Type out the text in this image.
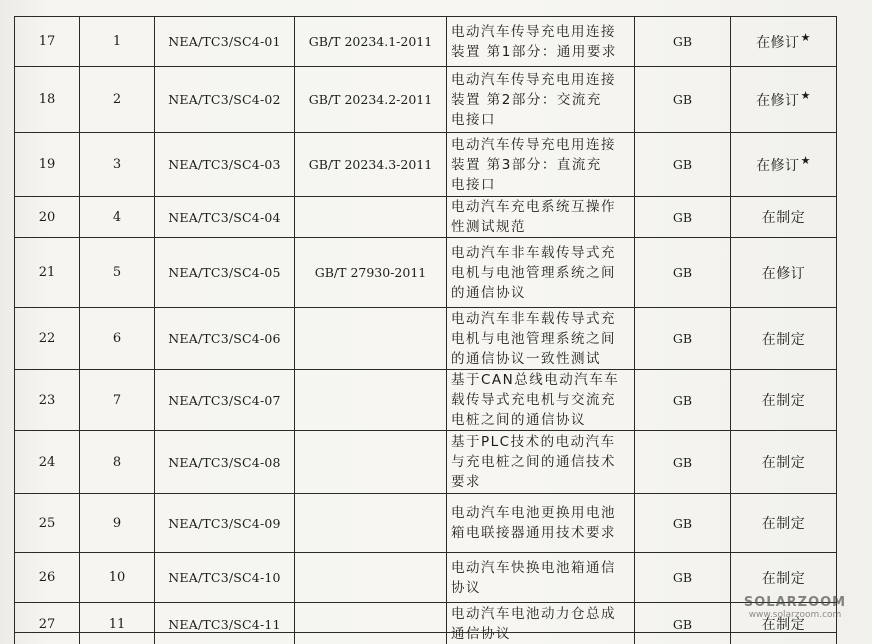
17	1	NEA/TC3/SC4-01	GB/T 20234.1-2011	电动汽车传导充电用连接
装置 第1部分：通用要求	GB	在修订★
18	2	NEA/TC3/SC4-02	GB/T 20234.2-2011	电动汽车传导充电用连接
装置 第2部分：交流充
电接口	GB	在修订★
19	3	NEA/TC3/SC4-03	GB/T 20234.3-2011	电动汽车传导充电用连接
装置 第3部分：直流充
电接口	GB	在修订★
20	4	NEA/TC3/SC4-04		电动汽车充电系统互操作
性测试规范	GB	在制定
21	5	NEA/TC3/SC4-05	GB/T 27930-2011	电动汽车非车载传导式充
电机与电池管理系统之间
的通信协议	GB	在修订
22	6	NEA/TC3/SC4-06		电动汽车非车载传导式充
电机与电池管理系统之间
的通信协议一致性测试	GB	在制定
23	7	NEA/TC3/SC4-07		基于CAN总线电动汽车车
载传导式充电机与交流充
电桩之间的通信协议	GB	在制定
24	8	NEA/TC3/SC4-08		基于PLC技术的电动汽车
与充电桩之间的通信技术
要求	GB	在制定
25	9	NEA/TC3/SC4-09		电动汽车电池更换用电池
箱电联接器通用技术要求	GB	在制定
26	10	NEA/TC3/SC4-10		电动汽车快换电池箱通信
协议	GB	在制定
27	11	NEA/TC3/SC4-11		电动汽车电池动力仓总成
通信协议	GB	在制定
SOLARZOOM
www.solarzoom.com
